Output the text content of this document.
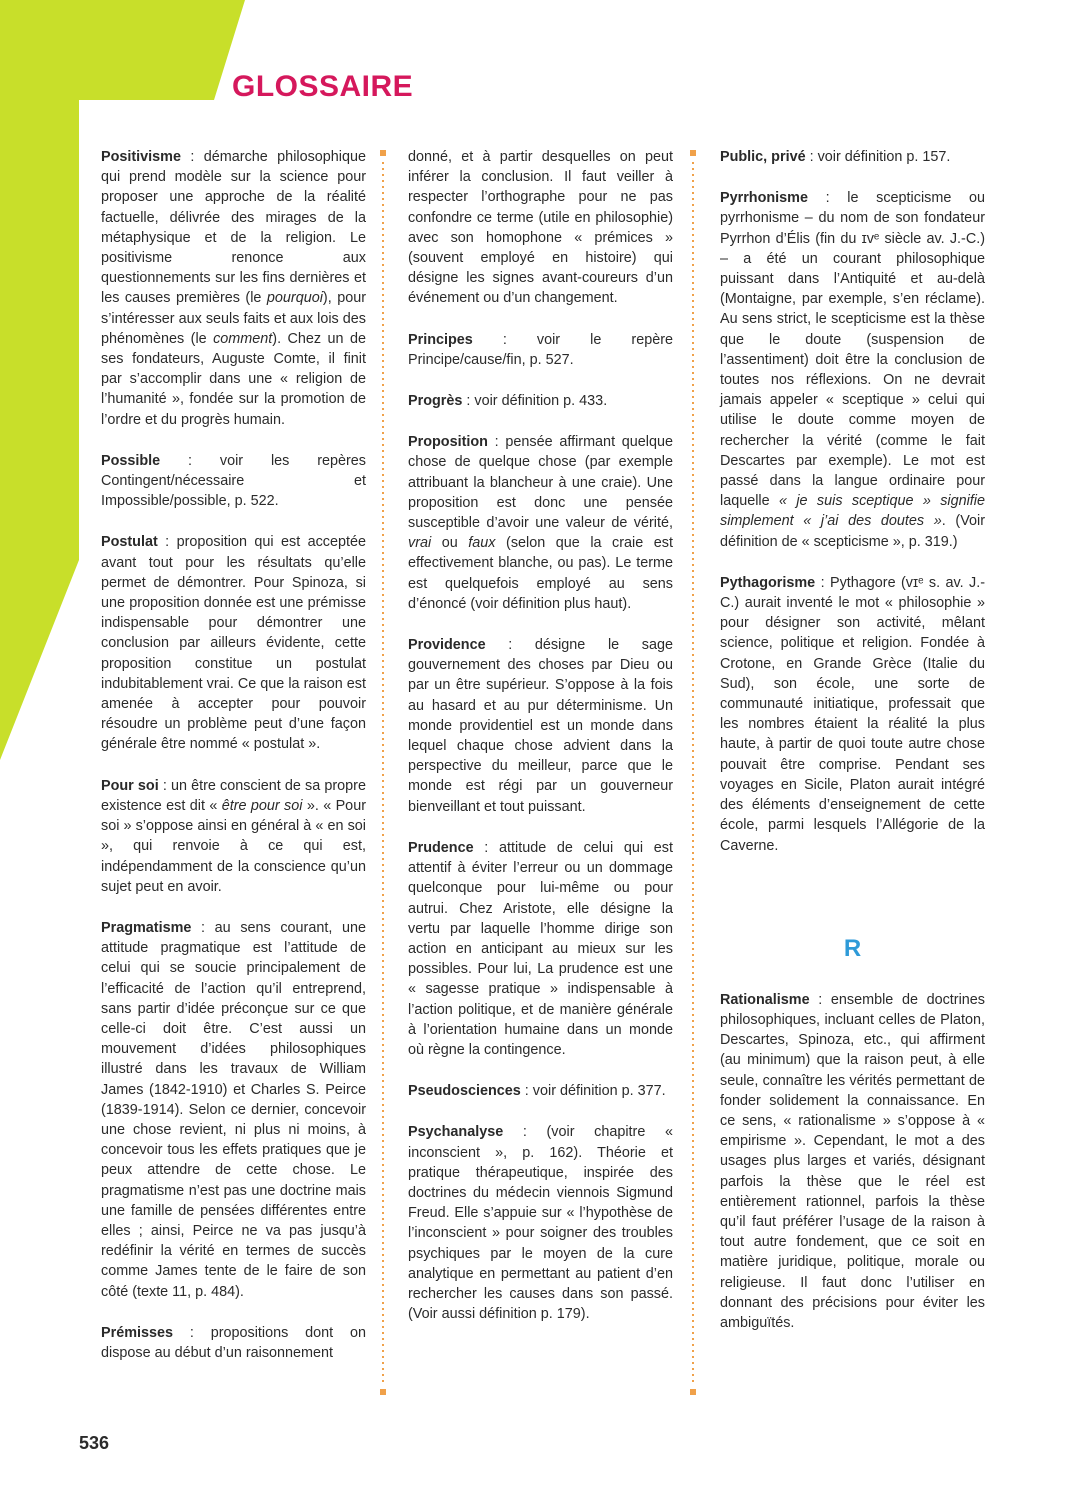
GLOSSAIRE

Positivisme : démarche philosophique qui prend modèle sur la science pour proposer une approche de la réalité factuelle, délivrée des mirages de la métaphysique et de la religion. Le positivisme renonce aux questionnements sur les fins dernières et les causes premières (le pourquoi), pour s’intéresser aux seuls faits et aux lois des phénomènes (le comment). Chez un de ses fondateurs, Auguste Comte, il finit par s’accomplir dans une « religion de l’humanité », fondée sur la promotion de l’ordre et du progrès humain.

Possible : voir les repères Contingent/nécessaire et Impossible/possible, p. 522.

Postulat : proposition qui est acceptée avant tout pour les résultats qu’elle permet de démontrer. Pour Spinoza, si une proposition donnée est une prémisse indispensable pour démontrer une conclusion par ailleurs évidente, cette proposition constitue un postulat indubitablement vrai. Ce que la raison est amenée à accepter pour pouvoir résoudre un problème peut d’une façon générale être nommé « postulat ».

Pour soi : un être conscient de sa propre existence est dit « être pour soi ». « Pour soi » s’oppose ainsi en général à « en soi », qui renvoie à ce qui est, indépendamment de la conscience qu’un sujet peut en avoir.

Pragmatisme : au sens courant, une attitude pragmatique est l’attitude de celui qui se soucie principalement de l’efficacité de l’action qu’il entreprend, sans partir d’idée préconçue sur ce que celle-ci doit être. C’est aussi un mouvement d’idées philosophiques illustré dans les travaux de William James (1842-1910) et Charles S. Peirce (1839-1914). Selon ce dernier, concevoir une chose revient, ni plus ni moins, à concevoir tous les effets pratiques que je peux attendre de cette chose. Le pragmatisme n’est pas une doctrine mais une famille de pensées différentes entre elles ; ainsi, Peirce ne va pas jusqu’à redéfinir la vérité en termes de succès comme James tente de le faire de son côté (texte 11, p. 484).

Prémisses : propositions dont on dispose au début d’un raisonnement

donné, et à partir desquelles on peut inférer la conclusion. Il faut veiller à respecter l’orthographe pour ne pas confondre ce terme (utile en philosophie) avec son homophone « prémices » (souvent employé en histoire) qui désigne les signes avant-coureurs d’un événement ou d’un changement.

Principes : voir le repère Principe/cause/fin, p. 527.

Progrès : voir définition p. 433.

Proposition : pensée affirmant quelque chose de quelque chose (par exemple attribuant la blancheur à une craie). Une proposition est donc une pensée susceptible d’avoir une valeur de vérité, vrai ou faux (selon que la craie est effectivement blanche, ou pas). Le terme est quelquefois employé au sens d’énoncé (voir définition plus haut).

Providence : désigne le sage gouvernement des choses par Dieu ou par un être supérieur. S’oppose à la fois au hasard et au pur déterminisme. Un monde providentiel est un monde dans lequel chaque chose advient dans la perspective du meilleur, parce que le monde est régi par un gouverneur bienveillant et tout puissant.

Prudence : attitude de celui qui est attentif à éviter l’erreur ou un dommage quelconque pour lui-même ou pour autrui. Chez Aristote, elle désigne la vertu par laquelle l’homme dirige son action en anticipant au mieux sur les possibles. Pour lui, La prudence est une « sagesse pratique » indispensable à l’action politique, et de manière générale à l’orientation humaine dans un monde où règne la contingence.

Pseudosciences : voir définition p. 377.

Psychanalyse : (voir chapitre « inconscient », p. 162). Théorie et pratique thérapeutique, inspirée des doctrines du médecin viennois Sigmund Freud. Elle s’appuie sur « l’hypothèse de l’inconscient » pour soigner des troubles psychiques par le moyen de la cure analytique en permettant au patient d’en rechercher les causes dans son passé. (Voir aussi définition p. 179).

Public, privé : voir définition p. 157.

Pyrrhonisme : le scepticisme ou pyrrhonisme – du nom de son fondateur Pyrrhon d’Élis (fin du ɪᴠᵉ siècle av. J.-C.) – a été un courant philosophique puissant dans l’Antiquité et au-delà (Montaigne, par exemple, s’en réclame). Au sens strict, le scepticisme est la thèse que le doute (suspension de l’assentiment) doit être la conclusion de toutes nos réflexions. On ne devrait jamais appeler « sceptique » celui qui utilise le doute comme moyen de rechercher la vérité (comme le fait Descartes par exemple). Le mot est passé dans la langue ordinaire pour laquelle « je suis sceptique » signifie simplement « j’ai des doutes ». (Voir définition de « scepticisme », p. 319.)

Pythagorisme : Pythagore (ᴠɪᵉ s. av. J.-C.) aurait inventé le mot « philosophie » pour désigner son activité, mêlant science, politique et religion. Fondée à Crotone, en Grande Grèce (Italie du Sud), son école, une sorte de communauté initiatique, professait que les nombres étaient la réalité la plus haute, à partir de quoi toute autre chose pouvait être comprise. Pendant ses voyages en Sicile, Platon aurait intégré des éléments d’enseignement de cette école, parmi lesquels l’Allégorie de la Caverne.

R

Rationalisme : ensemble de doctrines philosophiques, incluant celles de Platon, Descartes, Spinoza, etc., qui affirment (au minimum) que la raison peut, à elle seule, connaître les vérités permettant de fonder solidement la connaissance. En ce sens, « rationalisme » s’oppose à « empirisme ». Cependant, le mot a des usages plus larges et variés, désignant parfois la thèse que le réel est entièrement rationnel, parfois la thèse qu’il faut préférer l’usage de la raison à tout autre fondement, que ce soit en matière juridique, politique, morale ou religieuse. Il faut donc l’utiliser en donnant des précisions pour éviter les ambiguïtés.

536
